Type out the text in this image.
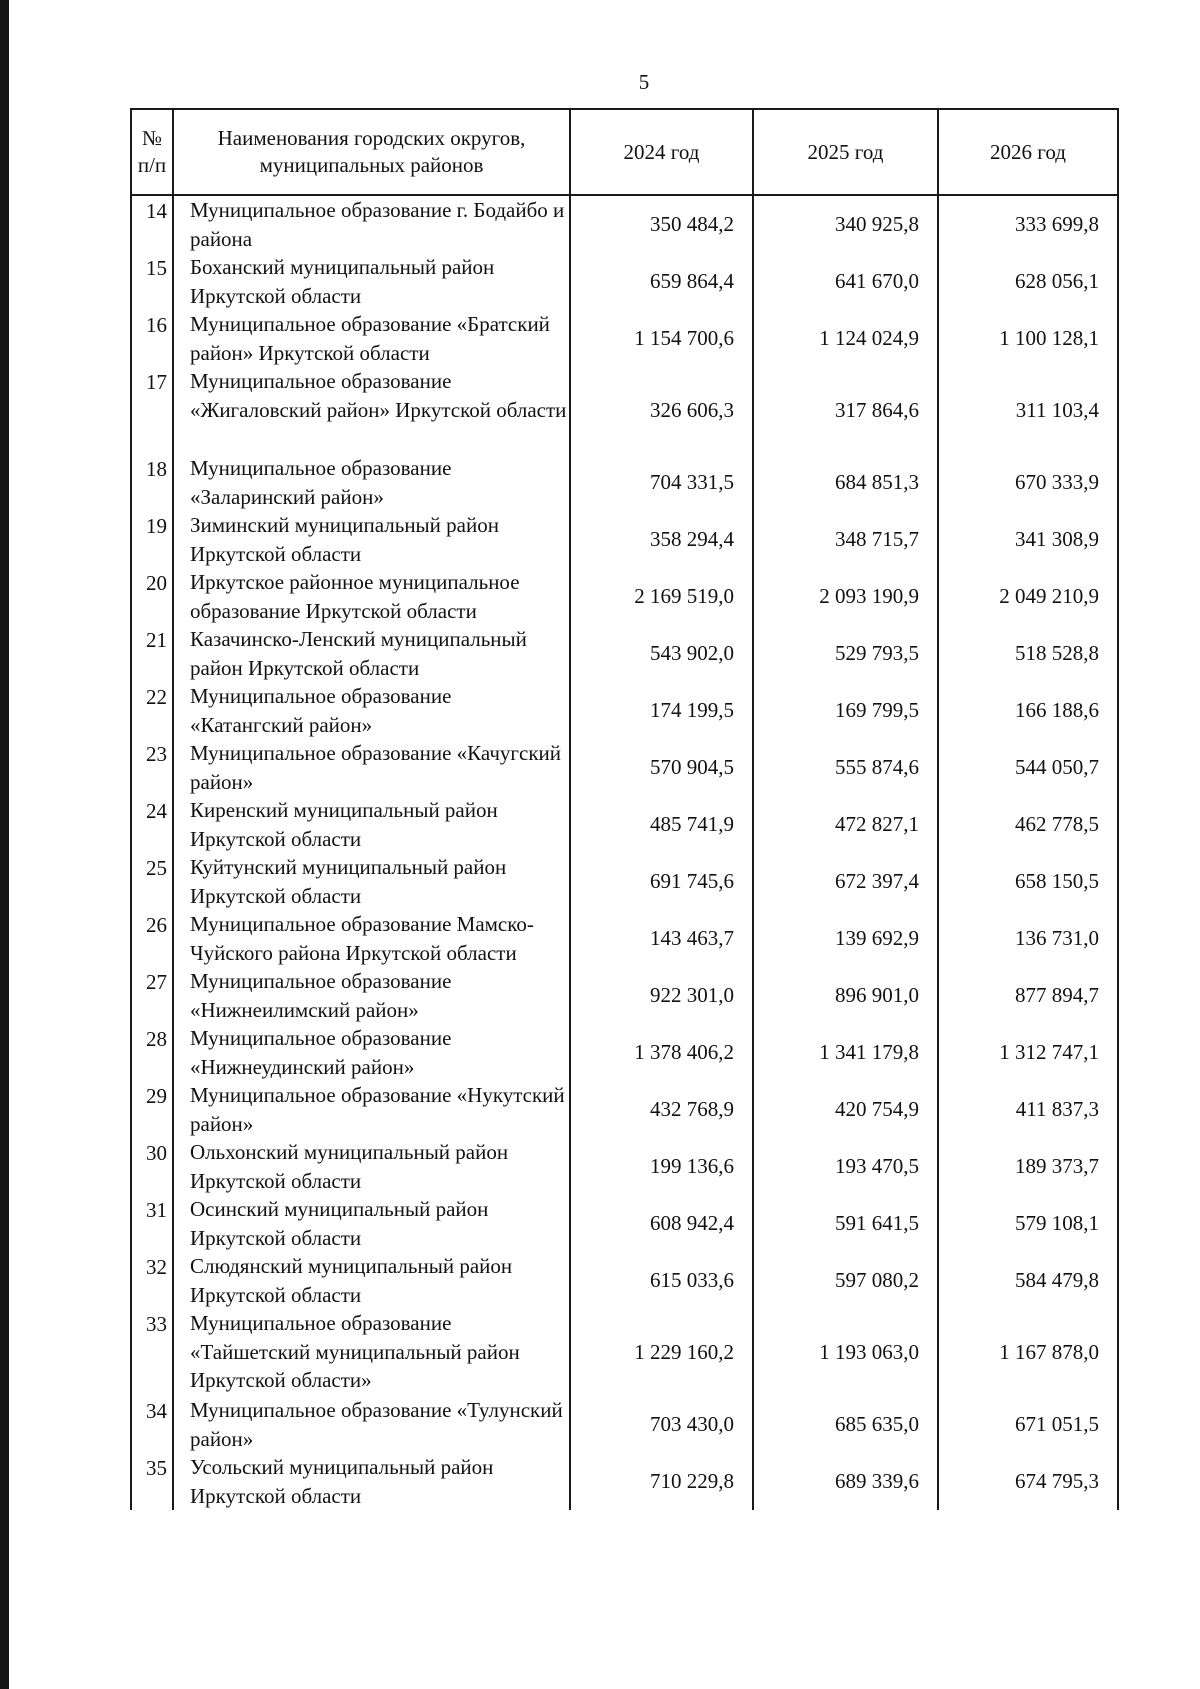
5
№ п/п	Наименования городских округов, муниципальных районов	2024 год	2025 год	2026 год
14	Муниципальное образование г. Бодайбо и района	350 484,2	340 925,8	333 699,8
15	Боханский муниципальный район Иркутской области	659 864,4	641 670,0	628 056,1
16	Муниципальное образование «Братский район» Иркутской области	1 154 700,6	1 124 024,9	1 100 128,1
17	Муниципальное образование «Жигаловский район» Иркутской области	326 606,3	317 864,6	311 103,4
18	Муниципальное образование «Заларинский район»	704 331,5	684 851,3	670 333,9
19	Зиминский муниципальный район Иркутской области	358 294,4	348 715,7	341 308,9
20	Иркутское районное муниципальное образование Иркутской области	2 169 519,0	2 093 190,9	2 049 210,9
21	Казачинско-Ленский муниципальный район Иркутской области	543 902,0	529 793,5	518 528,8
22	Муниципальное образование «Катангский район»	174 199,5	169 799,5	166 188,6
23	Муниципальное образование «Качугский район»	570 904,5	555 874,6	544 050,7
24	Киренский муниципальный район Иркутской области	485 741,9	472 827,1	462 778,5
25	Куйтунский муниципальный район Иркутской области	691 745,6	672 397,4	658 150,5
26	Муниципальное образование Мамско-Чуйского района Иркутской области	143 463,7	139 692,9	136 731,0
27	Муниципальное образование «Нижнеилимский район»	922 301,0	896 901,0	877 894,7
28	Муниципальное образование «Нижнеудинский район»	1 378 406,2	1 341 179,8	1 312 747,1
29	Муниципальное образование «Нукутский район»	432 768,9	420 754,9	411 837,3
30	Ольхонский муниципальный район Иркутской области	199 136,6	193 470,5	189 373,7
31	Осинский муниципальный район Иркутской области	608 942,4	591 641,5	579 108,1
32	Слюдянский муниципальный район Иркутской области	615 033,6	597 080,2	584 479,8
33	Муниципальное образование «Тайшетский муниципальный район Иркутской области»	1 229 160,2	1 193 063,0	1 167 878,0
34	Муниципальное образование «Тулунский район»	703 430,0	685 635,0	671 051,5
35	Усольский муниципальный район Иркутской области	710 229,8	689 339,6	674 795,3
